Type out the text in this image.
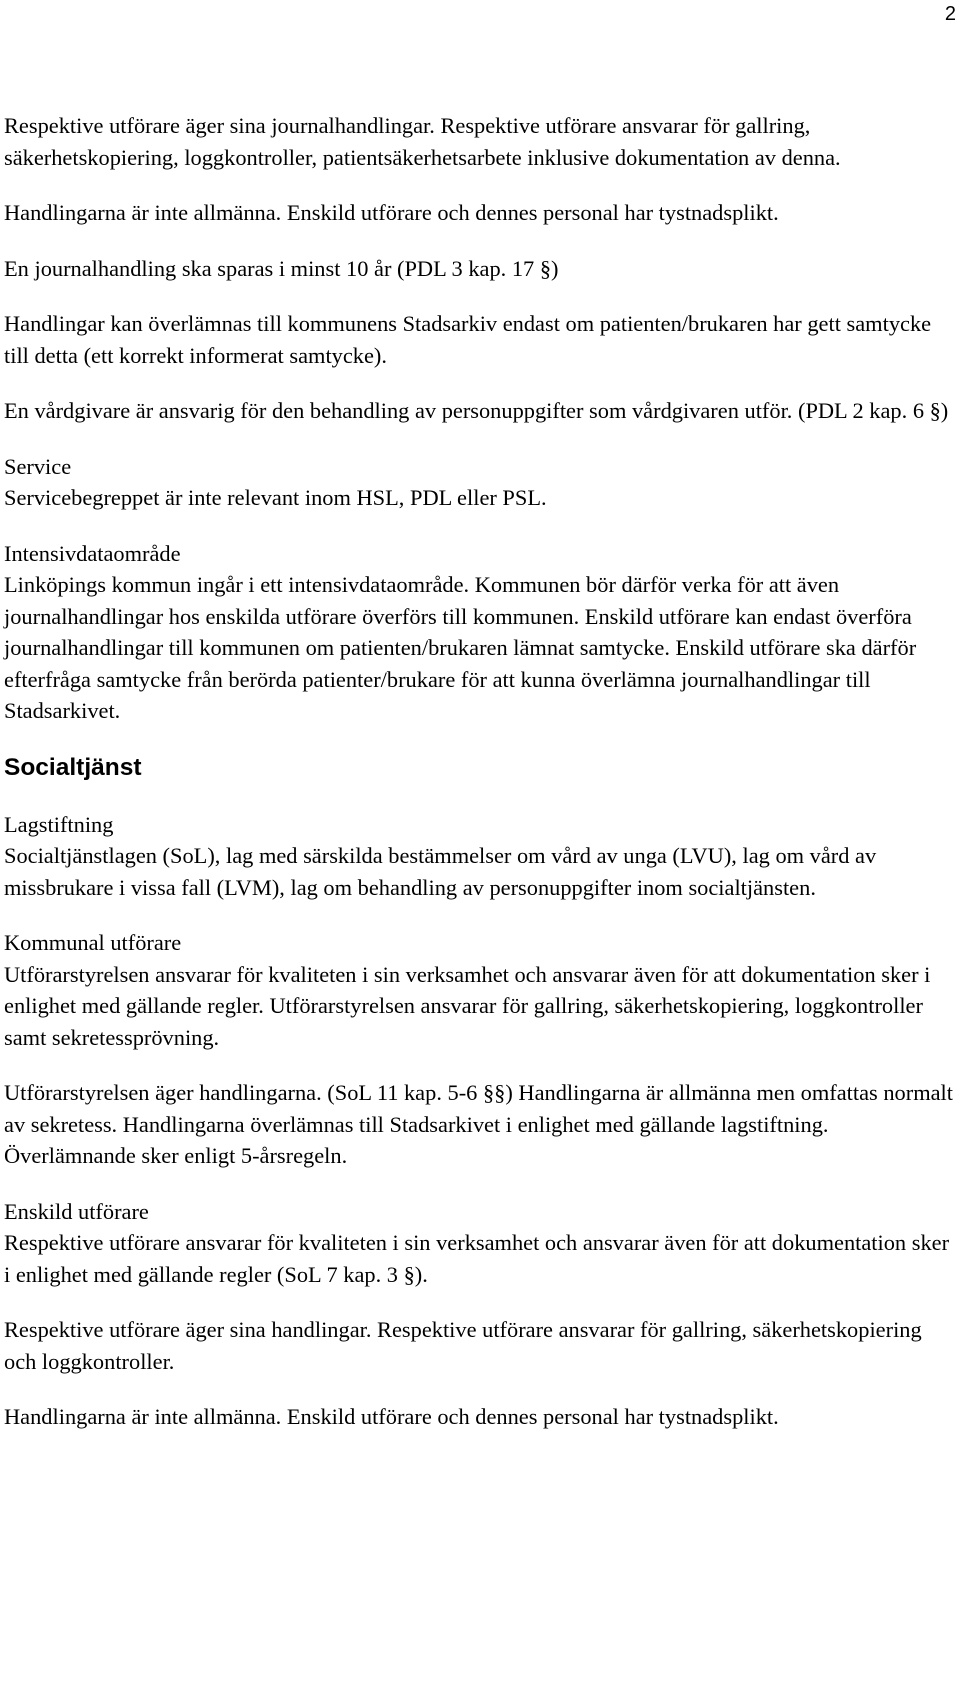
2

Respektive utförare äger sina journalhandlingar. Respektive utförare ansvarar för gallring, säkerhetskopiering, loggkontroller, patientsäkerhetsarbete inklusive dokumentation av denna.

Handlingarna är inte allmänna. Enskild utförare och dennes personal har tystnadsplikt.

En journalhandling ska sparas i minst 10 år (PDL 3 kap. 17 §)

Handlingar kan överlämnas till kommunens Stadsarkiv endast om patienten/brukaren har gett samtycke till detta (ett korrekt informerat samtycke).

En vårdgivare är ansvarig för den behandling av personuppgifter som vårdgivaren utför. (PDL 2 kap. 6 §)

Service

Servicebegreppet är inte relevant inom HSL, PDL eller PSL.

Intensivdataområde

Linköpings kommun ingår i ett intensivdataområde. Kommunen bör därför verka för att även journalhandlingar hos enskilda utförare överförs till kommunen. Enskild utförare kan endast överföra journalhandlingar till kommunen om patienten/brukaren lämnat samtycke. Enskild utförare ska därför efterfråga samtycke från berörda patienter/brukare för att kunna överlämna journalhandlingar till Stadsarkivet.

Socialtjänst

Lagstiftning

Socialtjänstlagen (SoL), lag med särskilda bestämmelser om vård av unga (LVU), lag om vård av missbrukare i vissa fall (LVM), lag om behandling av personuppgifter inom socialtjänsten.

Kommunal utförare

Utförarstyrelsen ansvarar för kvaliteten i sin verksamhet och ansvarar även för att dokumentation sker i enlighet med gällande regler. Utförarstyrelsen ansvarar för gallring, säkerhetskopiering, loggkontroller samt sekretessprövning.

Utförarstyrelsen äger handlingarna. (SoL 11 kap. 5-6 §§) Handlingarna är allmänna men omfattas normalt av sekretess. Handlingarna överlämnas till Stadsarkivet i enlighet med gällande lagstiftning. Överlämnande sker enligt 5-årsregeln.

Enskild utförare

Respektive utförare ansvarar för kvaliteten i sin verksamhet och ansvarar även för att dokumentation sker i enlighet med gällande regler (SoL 7 kap. 3 §).

Respektive utförare äger sina handlingar. Respektive utförare ansvarar för gallring, säkerhetskopiering och loggkontroller.

Handlingarna är inte allmänna. Enskild utförare och dennes personal har tystnadsplikt.
